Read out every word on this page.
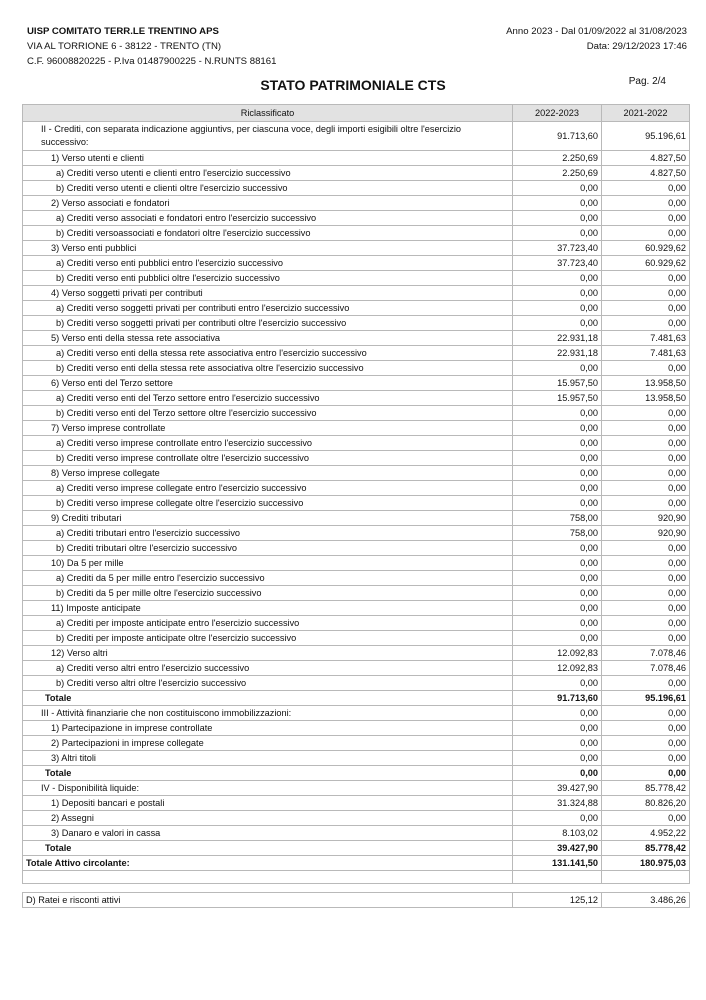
UISP COMITATO TERR.LE TRENTINO APS
VIA AL TORRIONE 6 - 38122 - TRENTO (TN)
C.F. 96008820225 - P.Iva 01487900225 - N.RUNTS 88161
Anno 2023 - Dal 01/09/2022 al 31/08/2023
Data: 29/12/2023 17:46
STATO PATRIMONIALE CTS	Pag. 2/4
Riclassificato	2022-2023	2021-2022
II - Crediti, con separata indicazione aggiuntivs, per ciascuna voce, degli importi esigibili oltre l'esercizio successivo:	91.713,60	95.196,61
1) Verso utenti e clienti	2.250,69	4.827,50
a) Crediti verso utenti e clienti entro l'esercizio successivo	2.250,69	4.827,50
b) Crediti verso utenti e clienti oltre l'esercizio successivo	0,00	0,00
2) Verso associati e fondatori	0,00	0,00
a) Crediti verso associati e fondatori entro l'esercizio successivo	0,00	0,00
b) Crediti versoassociati e fondatori oltre l'esercizio successivo	0,00	0,00
3) Verso enti pubblici	37.723,40	60.929,62
a) Crediti verso enti pubblici entro l'esercizio successivo	37.723,40	60.929,62
b) Crediti verso enti pubblici oltre l'esercizio successivo	0,00	0,00
4) Verso soggetti privati per contributi	0,00	0,00
a) Crediti verso soggetti privati per contributi entro l'esercizio successivo	0,00	0,00
b) Crediti verso soggetti privati per contributi oltre l'esercizio successivo	0,00	0,00
5) Verso enti della stessa rete associativa	22.931,18	7.481,63
a) Crediti verso enti della stessa rete associativa entro l'esercizio successivo	22.931,18	7.481,63
b) Crediti verso enti della stessa rete associativa oltre l'esercizio successivo	0,00	0,00
6) Verso enti del Terzo settore	15.957,50	13.958,50
a) Crediti verso enti del Terzo settore entro l'esercizio successivo	15.957,50	13.958,50
b) Crediti verso enti del Terzo settore oltre l'esercizio successivo	0,00	0,00
7) Verso imprese controllate	0,00	0,00
a) Crediti verso imprese controllate entro l'esercizio successivo	0,00	0,00
b) Crediti verso imprese controllate oltre l'esercizio successivo	0,00	0,00
8) Verso imprese collegate	0,00	0,00
a) Crediti verso imprese collegate entro l'esercizio successivo	0,00	0,00
b) Crediti verso imprese collegate oltre l'esercizio successivo	0,00	0,00
9) Crediti tributari	758,00	920,90
a) Crediti tributari entro l'esercizio successivo	758,00	920,90
b) Crediti tributari oltre l'esercizio successivo	0,00	0,00
10) Da 5 per mille	0,00	0,00
a) Crediti da 5 per mille entro l'esercizio successivo	0,00	0,00
b) Crediti da 5 per mille oltre l'esercizio successivo	0,00	0,00
11) Imposte anticipate	0,00	0,00
a) Crediti per imposte anticipate entro l'esercizio successivo	0,00	0,00
b) Crediti per imposte anticipate oltre l'esercizio successivo	0,00	0,00
12) Verso altri	12.092,83	7.078,46
a) Crediti verso altri entro l'esercizio successivo	12.092,83	7.078,46
b) Crediti verso altri oltre l'esercizio successivo	0,00	0,00
Totale	91.713,60	95.196,61
III - Attività finanziarie che non costituiscono immobilizzazioni:	0,00	0,00
1) Partecipazione in imprese controllate	0,00	0,00
2) Partecipazioni in imprese collegate	0,00	0,00
3) Altri titoli	0,00	0,00
Totale	0,00	0,00
IV - Disponibilità liquide:	39.427,90	85.778,42
1) Depositi bancari e postali	31.324,88	80.826,20
2) Assegni	0,00	0,00
3) Danaro e valori in cassa	8.103,02	4.952,22
Totale	39.427,90	85.778,42
Totale Attivo circolante:	131.141,50	180.975,03

D) Ratei e risconti attivi	125,12	3.486,26
